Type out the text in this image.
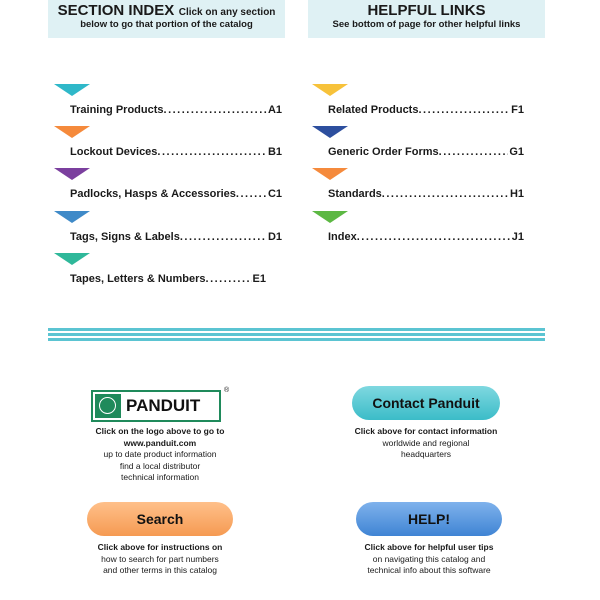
SECTION INDEX Click on any section
below to go that portion of the catalog
HELPFUL LINKS
See bottom of page for other helpful links
Training Products .....	A1
Lockout Devices .....	B1
Padlocks, Hasps & Accessories .....	C1
Tags, Signs & Labels .....	D1
Tapes, Letters & Numbers .....	E1
Related Products .....	F1
Generic Order Forms .....	G1
Standards .....	H1
Index .....	J1
PANDUIT
®
Click on the logo above to go to
www.panduit.com
up to date product information
find a local distributor
technical information
Contact Panduit
Click above for contact information
worldwide and regional
headquarters
Search
Click above for instructions on
how to search for part numbers
and other terms in this catalog
HELP!
Click above for helpful user tips
on navigating this catalog and
technical info about this software
